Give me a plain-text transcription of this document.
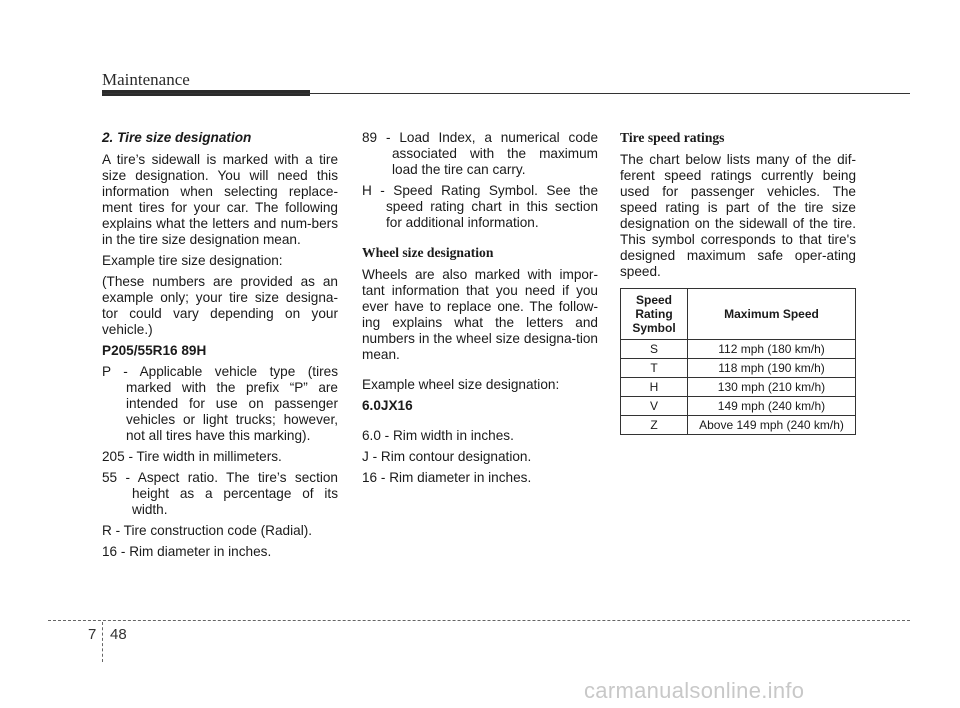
Maintenance

2. Tire size designation

A tire’s sidewall is marked with a tire size designation. You will need this information when selecting replace-ment tires for your car. The following explains what the letters and num-bers in the tire size designation mean.

Example tire size designation:

(These numbers are provided as an example only; your tire size designa-tor could vary depending on your vehicle.)

P205/55R16 89H

P - Applicable vehicle type (tires marked with the prefix “P” are intended for use on passenger vehicles or light trucks; however, not all tires have this marking).

205 - Tire width in millimeters.

55 - Aspect ratio. The tire’s section height as a percentage of its width.

R - Tire construction code (Radial).

16 - Rim diameter in inches.

89 - Load Index, a numerical code associated with the maximum load the tire can carry.

H - Speed Rating Symbol. See the speed rating chart in this section for additional information.

Wheel size designation

Wheels are also marked with impor-tant information that you need if you ever have to replace one. The follow-ing explains what the letters and numbers in the wheel size designa-tion mean.

Example wheel size designation:

6.0JX16

6.0 - Rim width in inches.

J - Rim contour designation.

16 - Rim diameter in inches.

Tire speed ratings

The chart below lists many of the dif-ferent speed ratings currently being used for passenger vehicles. The speed rating is part of the tire size designation on the sidewall of the tire. This symbol corresponds to that tire's designed maximum safe oper-ating speed.

Speed Rating Symbol	Maximum Speed
S	112 mph (180 km/h)
T	118 mph (190 km/h)
H	130 mph (210 km/h)
V	149 mph (240 km/h)
Z	Above 149 mph (240 km/h)
7 48
carmanualsonline.info
